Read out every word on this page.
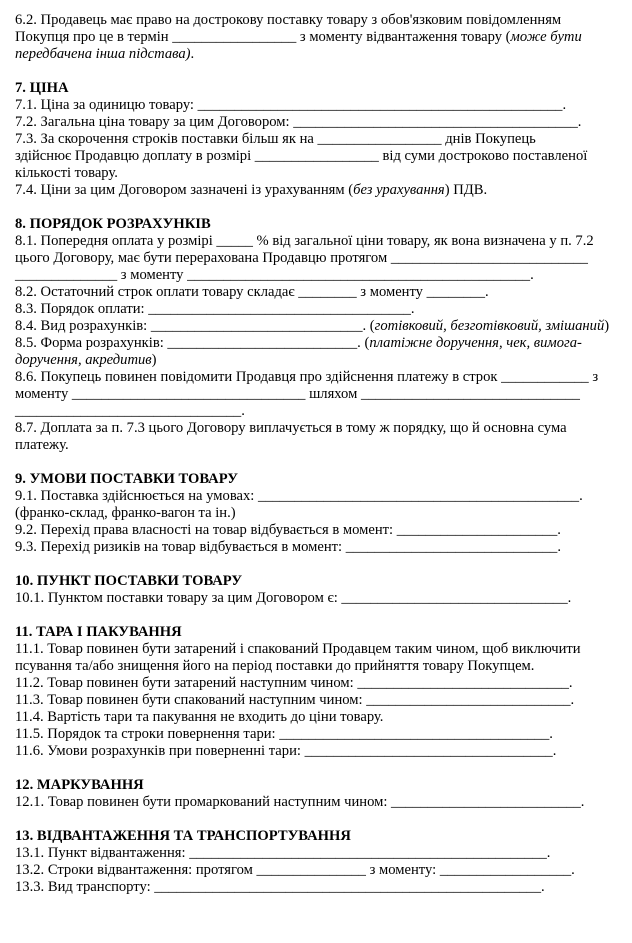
6.2. Продавець має право на дострокову поставку товару з обов'язковим повідомленням

Покупця про це в термін _________________ з моменту відвантаження товару (може бути

передбачена інша підстава).

7. ЦІНА

7.1. Ціна за одиницю товару: __________________________________________________.

7.2. Загальна ціна товару за цим Договором: _______________________________________.

7.3. За скорочення строків поставки більш як на _________________ днів Покупець

здійснює Продавцю доплату в розмірі _________________ від суми достроково поставленої

кількості товару.

7.4. Ціни за цим Договором зазначені із урахуванням (без урахування) ПДВ.

8. ПОРЯДОК РОЗРАХУНКІВ

8.1. Попередня оплата у розмірі _____ % від загальної ціни товару, як вона визначена у п. 7.2

цього Договору, має бути перерахована Продавцю протягом ___________________________

______________ з моменту _______________________________________________.

8.2. Остаточний строк оплати товару складає ________ з моменту ________.

8.3. Порядок оплати: ____________________________________.

8.4. Вид розрахунків: _____________________________. (готівковий, безготівковий, змішаний)

8.5. Форма розрахунків: __________________________. (платіжне доручення, чек, вимога-

доручення, акредитив)

8.6. Покупець повинен повідомити Продавця про здійснення платежу в строк ____________ з

моменту ________________________________ шляхом ______________________________

_______________________________.

8.7. Доплата за п. 7.3 цього Договору виплачується в тому ж порядку, що й основна сума

платежу.

9. УМОВИ ПОСТАВКИ ТОВАРУ

9.1. Поставка здійснюється на умовах: ____________________________________________.

(франко-склад, франко-вагон та ін.)

9.2. Перехід права власності на товар відбувається в момент: ______________________.

9.3. Перехід ризиків на товар відбувається в момент: _____________________________.

10. ПУНКТ ПОСТАВКИ ТОВАРУ

10.1. Пунктом поставки товару за цим Договором є: _______________________________.

11. ТАРА І ПАКУВАННЯ

11.1. Товар повинен бути затарений і спакований Продавцем таким чином, щоб виключити

псування та/або знищення його на період поставки до прийняття товару Покупцем.

11.2. Товар повинен бути затарений наступним чином: _____________________________.

11.3. Товар повинен бути спакований наступним чином: ____________________________.

11.4. Вартість тари та пакування не входить до ціни товару.

11.5. Порядок та строки повернення тари: _____________________________________.

11.6. Умови розрахунків при поверненні тари: __________________________________.

12. МАРКУВАННЯ

12.1. Товар повинен бути промаркований наступним чином: __________________________.

13. ВІДВАНТАЖЕННЯ ТА ТРАНСПОРТУВАННЯ

13.1. Пункт відвантаження: _________________________________________________.

13.2. Строки відвантаження: протягом _______________ з моменту: __________________.

13.3. Вид транспорту: _____________________________________________________.
